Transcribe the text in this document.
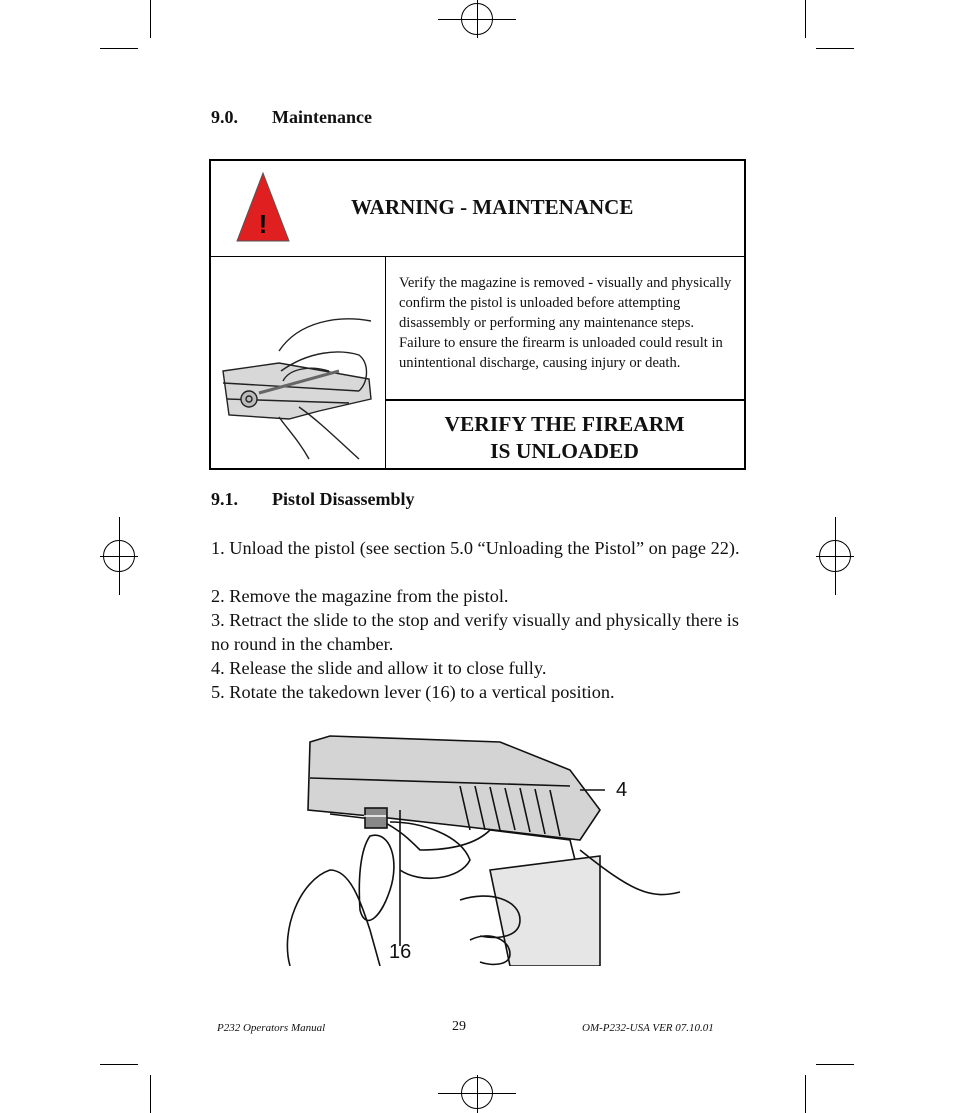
9.0. Maintenance
!
WARNING - MAINTENANCE
Verify the magazine is removed - visually and physically confirm the pistol is unloaded before attempting disassembly or performing any maintenance steps. Failure to ensure the firearm is unloaded could result in unintentional discharge, causing injury or death.
VERIFY THE FIREARM
IS UNLOADED
9.1. Pistol Disassembly
1. Unload the pistol (see section 5.0 “Unloading the Pistol” on page 22).
2. Remove the magazine from the pistol.
3. Retract the slide to the stop and verify visually and physically there is no round in the chamber.
4. Release the slide and allow it to close fully.
5. Rotate the takedown lever (16) to a vertical position.
4
16
P232 Operators Manual	29	OM-P232-USA VER 07.10.01
